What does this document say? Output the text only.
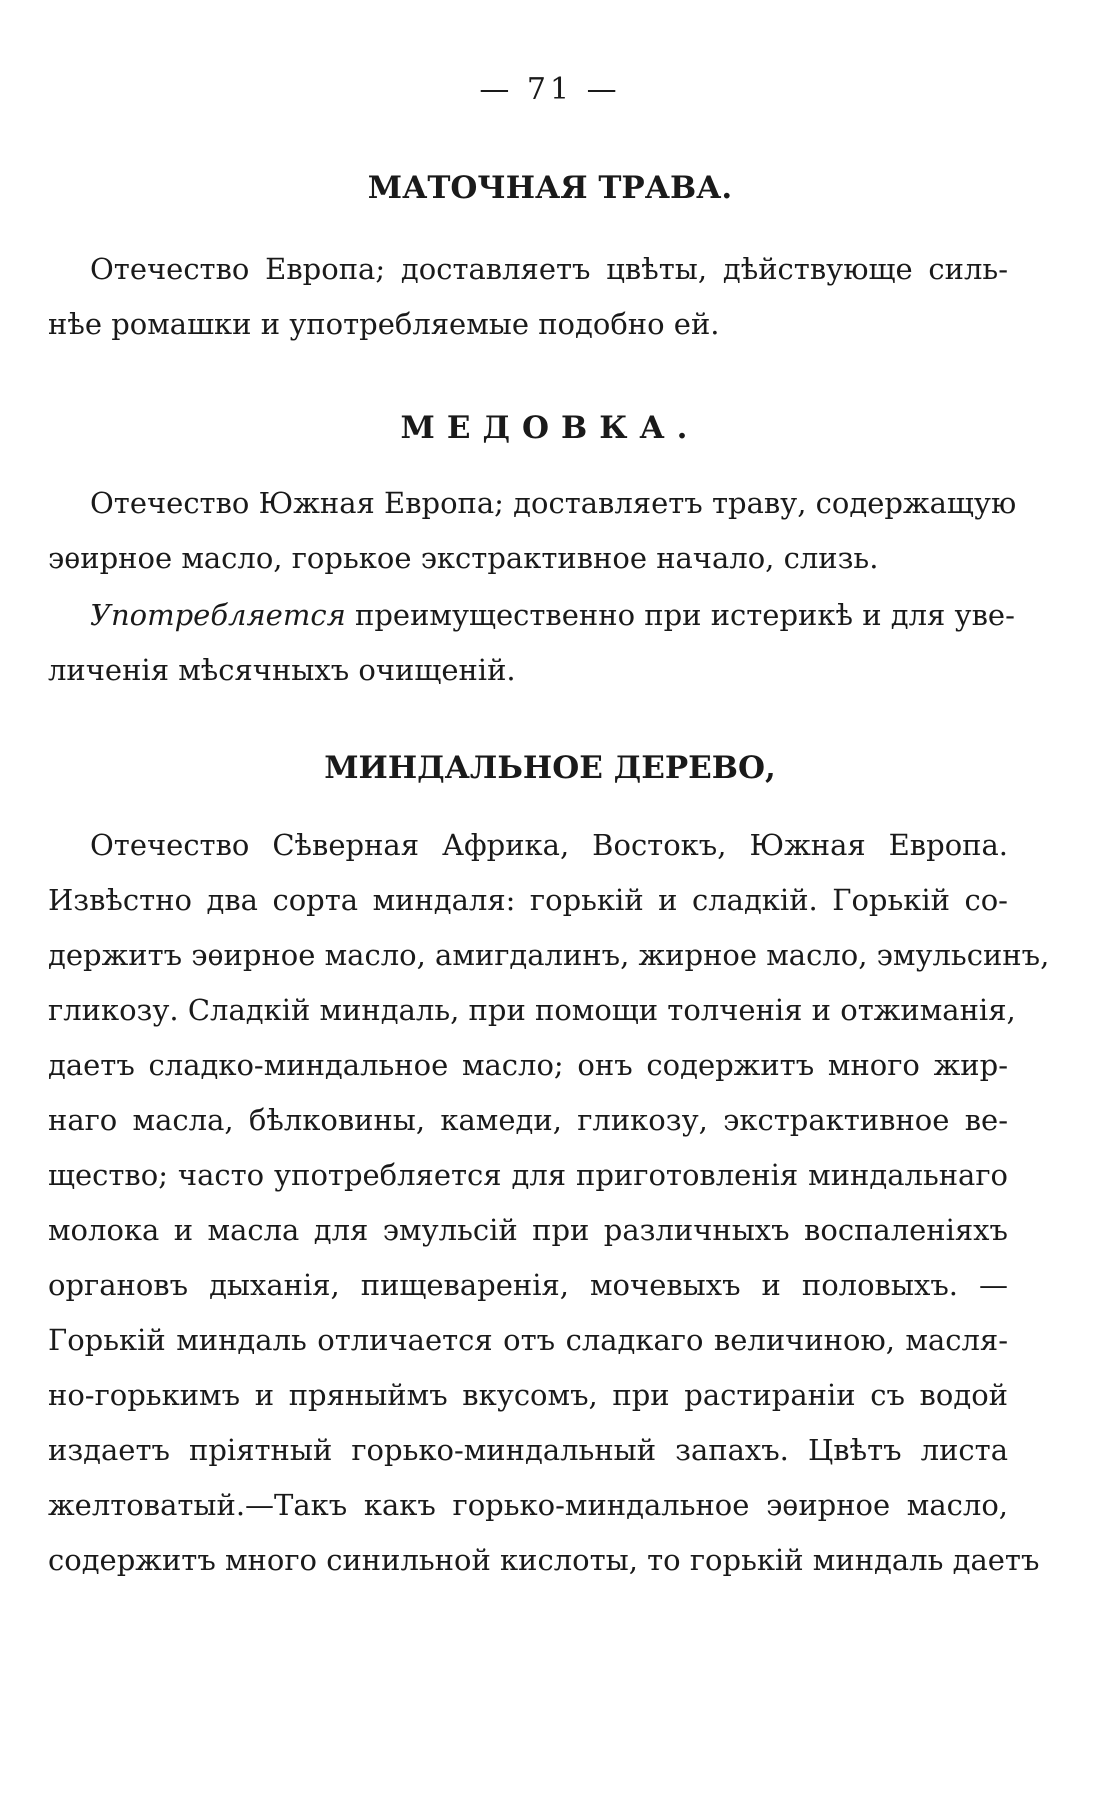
— 71 —
МАТОЧНАЯ ТРАВА.
Отечество Европа; доставляетъ цвѣты, дѣйствующе силь-
нѣе ромашки и употребляемые подобно ей.
МЕДОВКА.
Отечество Южная Европа; доставляетъ траву, содержащую
эѳирное масло, горькое экстрактивное начало, слизь.
Употребляется преимущественно при истерикѣ и для уве-
личенія мѣсячныхъ очищеній.
МИНДАЛЬНОЕ ДЕРЕВО,
Отечество Сѣверная Африка, Востокъ, Южная Европа.
Извѣстно два сорта миндаля: горькій и сладкій. Горькій со-
держитъ эѳирное масло, амигдалинъ, жирное масло, эмульсинъ,
гликозу. Сладкій миндаль, при помощи толченія и отжиманія,
даетъ сладко-миндальное масло; онъ содержитъ много жир-
наго масла, бѣлковины, камеди, гликозу, экстрактивное ве-
щество; часто употребляется для приготовленія миндальнаго
молока и масла для эмульсій при различныхъ воспаленіяхъ
органовъ дыханія, пищеваренія, мочевыхъ и половыхъ. —
Горькій миндаль отличается отъ сладкаго величиною, масля-
но-горькимъ и пряныймъ вкусомъ, при растираніи съ водой
издаетъ пріятный горько-миндальный запахъ. Цвѣтъ листа
желтоватый.—Такъ какъ горько-миндальное эѳирное масло,
содержитъ много синильной кислоты, то горькій миндаль даетъ
